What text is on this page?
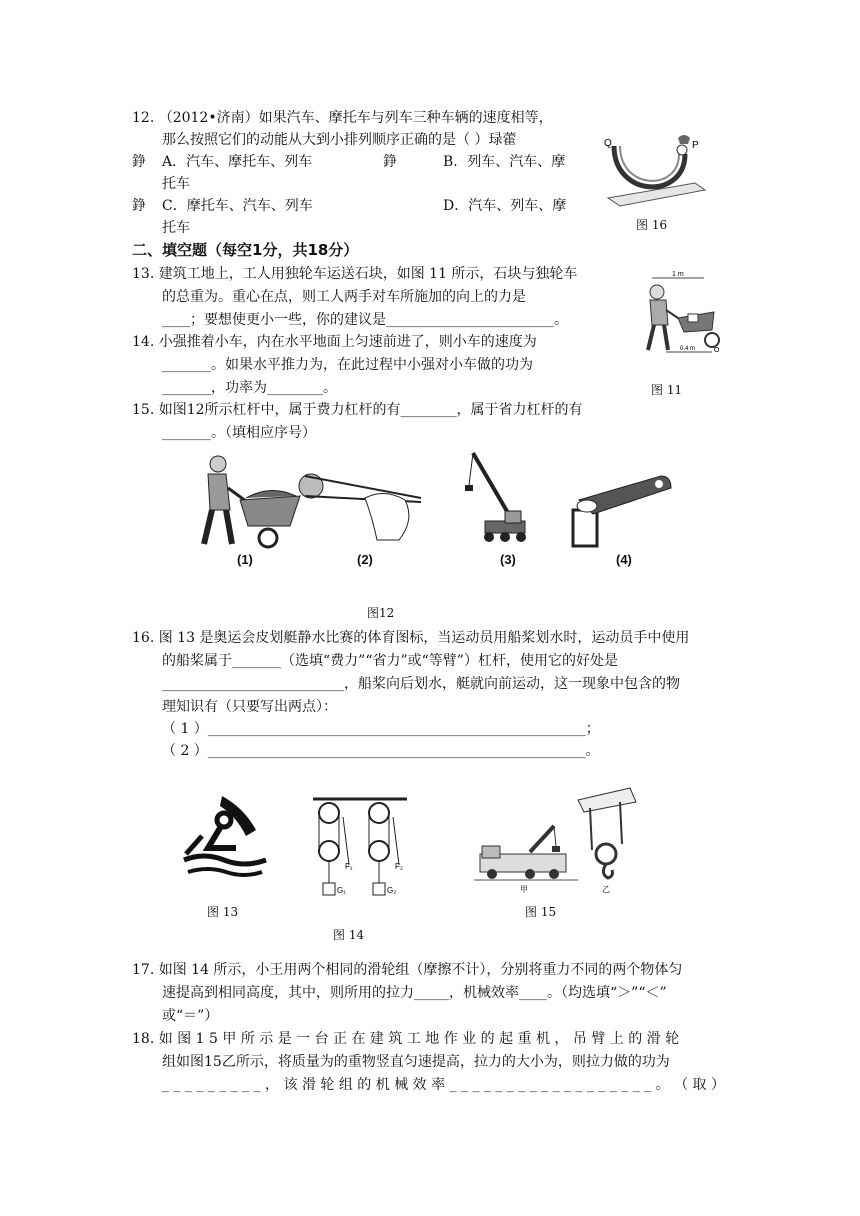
12. （2012•济南）如果汽车、摩托车与列车三种车辆的速度相等，
那么按照它们的动能从大到小排列顺序正确的是（ ）琭藿
錚 A．汽车、摩托车、列车	錚	B．列车、汽车、摩
托车
錚 C．摩托车、汽车、列车	D．汽车、列车、摩
托车
Q	P
图 16
二、填空题（每空1分，共18分）
13. 建筑工地上，工人用独轮车运送石块，如图 11 所示，石块与独轮车
的总重为。重心在点，则工人两手对车所施加的向上的力是
____；要想使更小一些，你的建议是________________________。
1 m
0.4 m	O
14. 小强推着小车，内在水平地面上匀速前进了，则小车的速度为
_______。如果水平推力为，在此过程中小强对小车做的功为
_______，功率为________。	图 11
15. 如图12所示杠杆中，属于费力杠杆的有________，属于省力杠杆的有
_______。（填相应序号）
(1)	(2)	(3)	(4)
图12
16. 图 13 是奥运会皮划艇静水比赛的体育图标，当运动员用船桨划水时，运动员手中使用
的船桨属于_______（选填“费力”“省力”或“等臂”）杠杆，使用它的好处是
__________________________，船桨向后划水，艇就向前运动，这一现象中包含的物
理知识有（只要写出两点）：
（ 1 ）______________________________________________________；
（ 2 ）______________________________________________________。
图 13
F₁
G₁
F₂
G₂
图 14
甲	乙
图 15
17. 如图 14 所示，小王用两个相同的滑轮组（摩擦不计），分别将重力不同的两个物体匀
速提高到相同高度，其中，则所用的拉力_____，机械效率____。（均选填“＞”“＜”
或“＝”）
18. 如 图 1 5 甲 所 示 是 一 台 正 在 建 筑 工 地 作 业 的 起 重 机 ， 吊 臂 上 的 滑 轮
组如图15乙所示，将质量为的重物竖直匀速提高，拉力的大小为，则拉力做的功为
_ _ _ _ _ _ _ _ _ ， 该 滑 轮 组 的 机 械 效 率 _ _ _ _ _ _ _ _ _ _ _ _ _ _ _ _ _ _ 。 （ 取 ）
